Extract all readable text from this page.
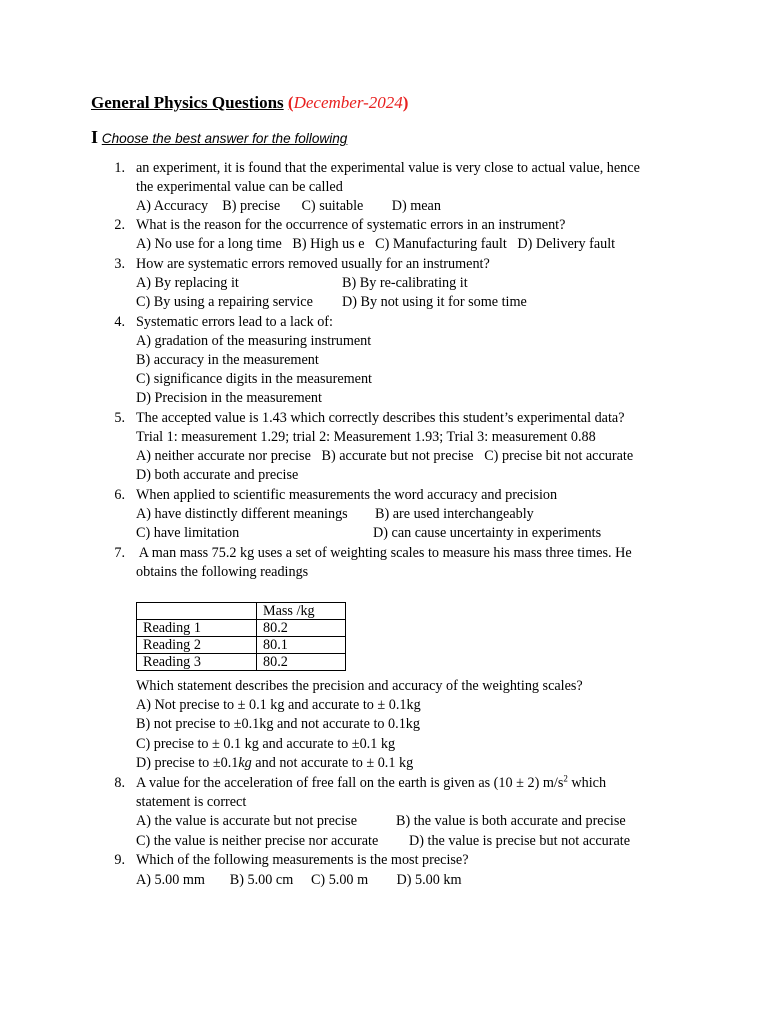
General Physics Questions (December-2024)
I Choose the best answer for the following
1. an experiment, it is found that the experimental value is very close to actual value, hence
the experimental value can be called
A) Accuracy    B) precise      C) suitable        D) mean
2. What is the reason for the occurrence of systematic errors in an instrument?
A) No use for a long time   B) High us e   C) Manufacturing fault   D) Delivery fault
3. How are systematic errors removed usually for an instrument?
A) By replacing it	B) By re-calibrating it
C) By using a repairing service D) By not using it for some time
4. Systematic errors lead to a lack of:
A) gradation of the measuring instrument
B) accuracy in the measurement
C) significance digits in the measurement
D) Precision in the measurement
5. The accepted value is 1.43 which correctly describes this student’s experimental data?
Trial 1: measurement 1.29; trial 2: Measurement 1.93; Trial 3: measurement 0.88
A) neither accurate nor precise   B) accurate but not precise   C) precise bit not accurate
D) both accurate and precise
6. When applied to scientific measurements the word accuracy and precision
A) have distinctly different meanings B) are used interchangeably
C) have limitation	D) can cause uncertainty in experiments
7. A man mass 75.2 kg uses a set of weighting scales to measure his mass three times. He
obtains the following readings
	Mass /kg
Reading 1	80.2
Reading 2	80.1
Reading 3	80.2
Which statement describes the precision and accuracy of the weighting scales?
A) Not precise to ± 0.1 kg and accurate to ± 0.1kg
B) not precise to ±0.1kg and not accurate to 0.1kg
C) precise to ± 0.1 kg and accurate to ±0.1 kg
D) precise to ±0.1kg and not accurate to ± 0.1 kg
8. A value for the acceleration of free fall on the earth is given as (10 ± 2) $m/s^2$ which
statement is correct
A) the value is accurate but not precise	B) the value is both accurate and precise
C) the value is neither precise nor accurate D) the value is precise but not accurate
9. Which of the following measurements is the most precise?
A) 5.00 mm       B) 5.00 cm     C) 5.00 m        D) 5.00 km
